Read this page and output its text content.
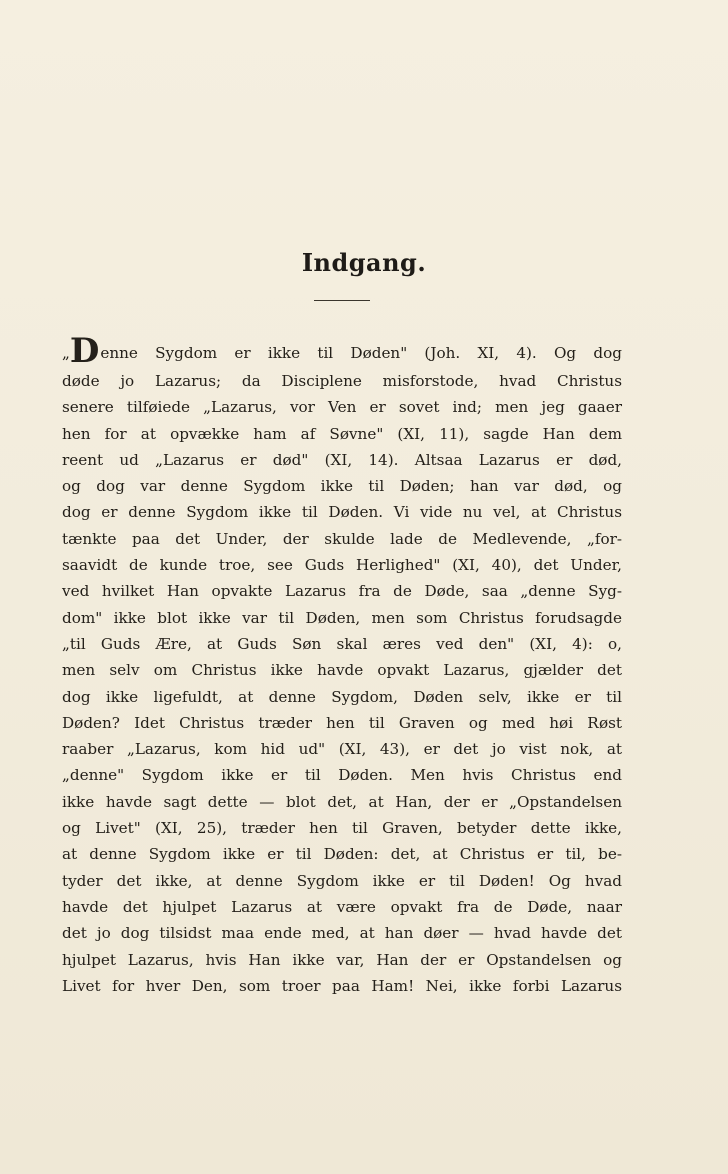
Indgang.
„Denne Sygdom er ikke til Døden" (Joh. XI, 4). Og dog
døde jo Lazarus; da Disciplene misforstode, hvad Christus
senere tilføiede „Lazarus, vor Ven er sovet ind; men jeg gaaer
hen for at opvække ham af Søvne" (XI, 11), sagde Han dem
reent ud „Lazarus er død" (XI, 14). Altsaa Lazarus er død,
og dog var denne Sygdom ikke til Døden; han var død, og
dog er denne Sygdom ikke til Døden. Vi vide nu vel, at Christus
tænkte paa det Under, der skulde lade de Medlevende, „for-
saavidt de kunde troe, see Guds Herlighed" (XI, 40), det Under,
ved hvilket Han opvakte Lazarus fra de Døde, saa „denne Syg-
dom" ikke blot ikke var til Døden, men som Christus forudsagde
„til Guds Ære, at Guds Søn skal æres ved den" (XI, 4): o,
men selv om Christus ikke havde opvakt Lazarus, gjælder det
dog ikke ligefuldt, at denne Sygdom, Døden selv, ikke er til
Døden? Idet Christus træder hen til Graven og med høi Røst
raaber „Lazarus, kom hid ud" (XI, 43), er det jo vist nok, at
„denne" Sygdom ikke er til Døden. Men hvis Christus end
ikke havde sagt dette — blot det, at Han, der er „Opstandelsen
og Livet" (XI, 25), træder hen til Graven, betyder dette ikke,
at denne Sygdom ikke er til Døden: det, at Christus er til, be-
tyder det ikke, at denne Sygdom ikke er til Døden! Og hvad
havde det hjulpet Lazarus at være opvakt fra de Døde, naar
det jo dog tilsidst maa ende med, at han døer — hvad havde det
hjulpet Lazarus, hvis Han ikke var, Han der er Opstandelsen og
Livet for hver Den, som troer paa Ham! Nei, ikke forbi Lazarus
